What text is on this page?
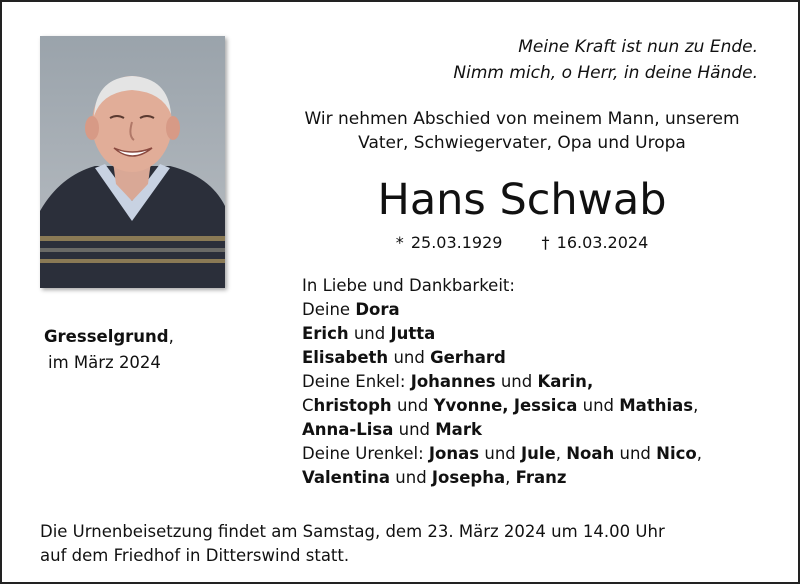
Meine Kraft ist nun zu Ende.
Nimm mich, o Herr, in deine Hände.
Wir nehmen Abschied von meinem Mann, unserem
Vater, Schwiegervater, Opa und Uropa
Hans Schwab
* 25.03.1929 † 16.03.2024
Gresselgrund,
im März 2024
In Liebe und Dankbarkeit:
Deine Dora
Erich und Jutta
Elisabeth und Gerhard
Deine Enkel: Johannes und Karin,
Christoph und Yvonne, Jessica und Mathias,
Anna-Lisa und Mark
Deine Urenkel: Jonas und Jule, Noah und Nico,
Valentina und Josepha, Franz
Die Urnenbeisetzung findet am Samstag, dem 23. März 2024 um 14.00 Uhr
auf dem Friedhof in Ditterswind statt.
